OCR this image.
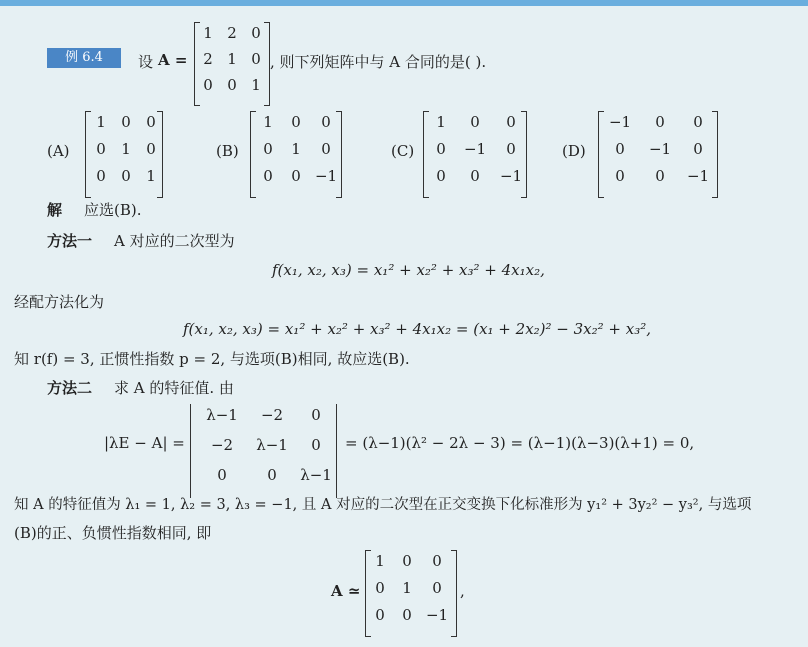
例 6.4	设 A =
1 2 0
2 1 0
0 0 1
, 则下列矩阵中与 A 合同的是( ).
(A)
1	0	0
0	1	0
0	0	1
(B)
1	0	0
0	1	0
0	0 −1
(C)
1	0	0
0	−1	0
0	0	−1
(D)
−1	0	0
0	−1	0
0	0	−1
解 应选(B).
方法一 A 对应的二次型为
f(x₁, x₂, x₃) = x₁² + x₂² + x₃² + 4x₁x₂,
经配方法化为
f(x₁, x₂, x₃) = x₁² + x₂² + x₃² + 4x₁x₂ = (x₁ + 2x₂)² − 3x₂² + x₃²,
知 r(f) = 3, 正惯性指数 p = 2, 与选项(B)相同, 故应选(B).
方法二 求 A 的特征值. 由
|λE − A| =
λ−1	−2	0
−2	λ−1	0
0	0	λ−1
= (λ−1)(λ² − 2λ − 3) = (λ−1)(λ−3)(λ+1) = 0,
知 A 的特征值为 λ₁ = 1, λ₂ = 3, λ₃ = −1, 且 A 对应的二次型在正交变换下化标准形为 y₁² + 3y₂² − y₃², 与选项
(B)的正、负惯性指数相同, 即
A ≃
1	0	0
0	1	0
0	0 −1
,
